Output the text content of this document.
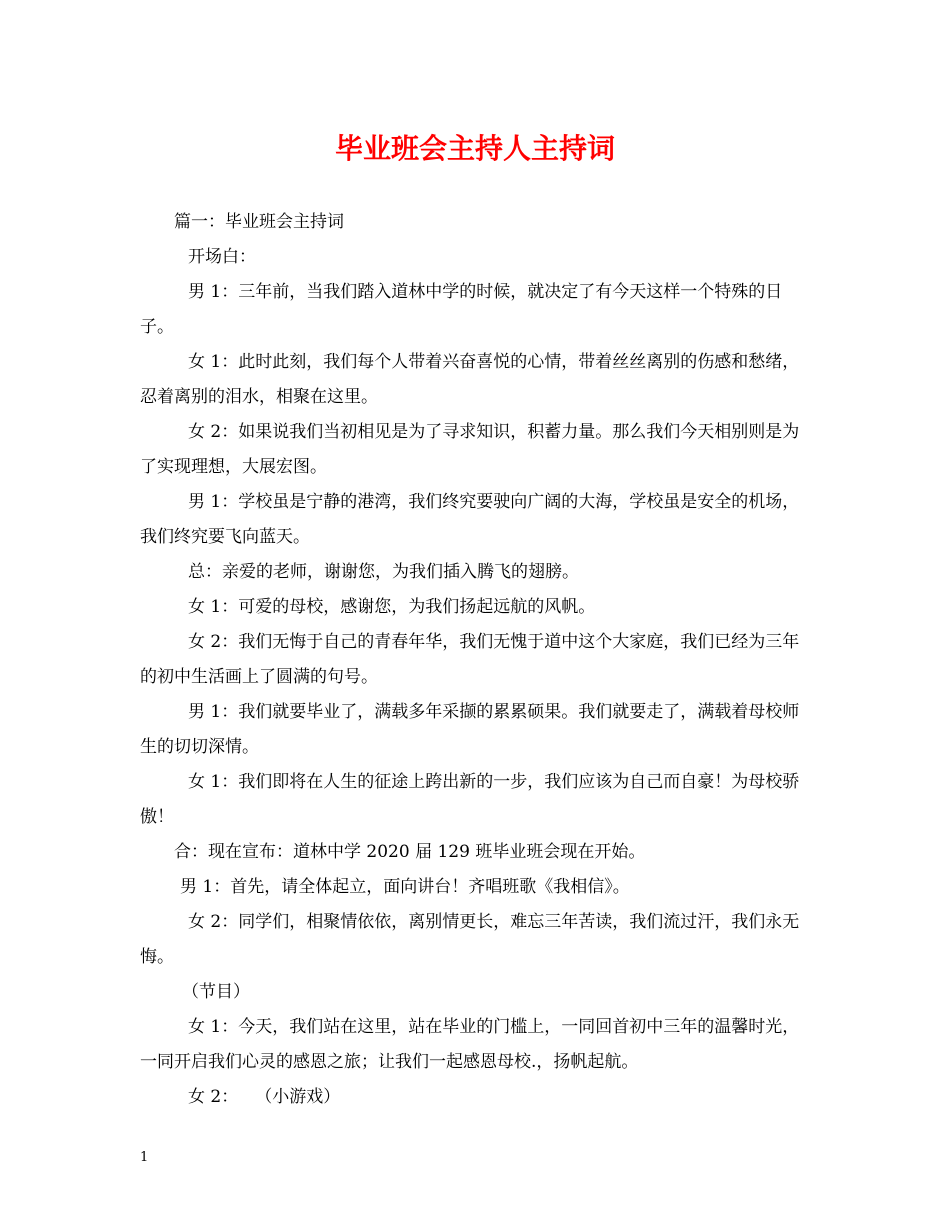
毕业班会主持人主持词

篇一：毕业班会主持词

开场白：

男 1：三年前，当我们踏入道林中学的时候，就决定了有今天这样一个特殊的日子。

女 1：此时此刻，我们每个人带着兴奋喜悦的心情，带着丝丝离别的伤感和愁绪，忍着离别的泪水，相聚在这里。

女 2：如果说我们当初相见是为了寻求知识，积蓄力量。那么我们今天相别则是为了实现理想，大展宏图。

男 1：学校虽是宁静的港湾，我们终究要驶向广阔的大海，学校虽是安全的机场，我们终究要飞向蓝天。

总：亲爱的老师，谢谢您，为我们插入腾飞的翅膀。

女 1：可爱的母校，感谢您，为我们扬起远航的风帆。

女 2：我们无悔于自己的青春年华，我们无愧于道中这个大家庭，我们已经为三年的初中生活画上了圆满的句号。

男 1：我们就要毕业了，满载多年采撷的累累硕果。我们就要走了，满载着母校师生的切切深情。

女 1：我们即将在人生的征途上跨出新的一步，我们应该为自己而自豪！为母校骄傲！

合：现在宣布：道林中学 2020 届 129 班毕业班会现在开始。

男 1：首先，请全体起立，面向讲台！齐唱班歌《我相信》。

女 2：同学们，相聚情依依，离别情更长，难忘三年苦读，我们流过汗，我们永无悔。

（节目）

女 1：今天，我们站在这里，站在毕业的门槛上，一同回首初中三年的温馨时光，一同开启我们心灵的感恩之旅；让我们一起感恩母校.，扬帆起航。

女 2：　　（小游戏）

1
